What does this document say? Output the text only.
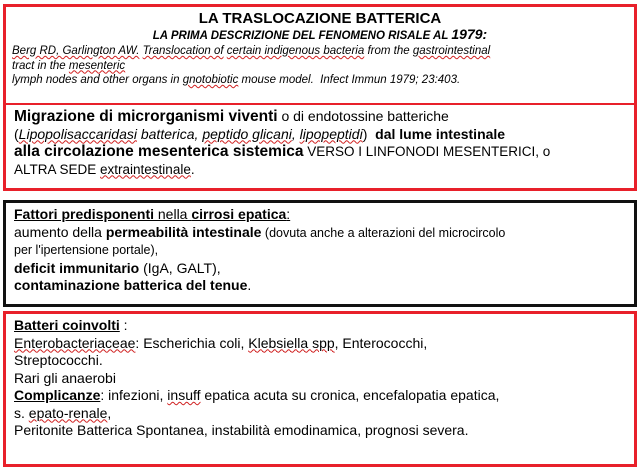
LA TRASLOCAZIONE BATTERICA
LA PRIMA DESCRIZIONE DEL FENOMENO RISALE AL 1979:
Berg RD, Garlington AW. Translocation of certain indigenous bacteria from the gastrointestinal
tract in the mesenteric
lymph nodes and other organs in gnotobiotic mouse model. Infect Immun 1979; 23:403.
Migrazione di microrganismi viventi o di endotossine batteriche
(Lipopolisaccaridasi batterica, peptido glicani, lipopeptidi) dal lume intestinale
alla circolazione mesenterica sistemica VERSO I LINFONODI MESENTERICI, o
ALTRA SEDE extraintestinale.
Fattori predisponenti nella cirrosi epatica:
aumento della permeabilità intestinale (dovuta anche a alterazioni del microcircolo
per l'ipertensione portale),
deficit immunitario (IgA, GALT),
contaminazione batterica del tenue.
Batteri coinvolti :
Enterobacteriaceae: Escherichia coli, Klebsiella spp, Enterococchi,
Streptococchi.
Rari gli anaerobi
Complicanze: infezioni, insuff epatica acuta su cronica, encefalopatia epatica,
s. epato-renale,
Peritonite Batterica Spontanea, instabilità emodinamica, prognosi severa.
